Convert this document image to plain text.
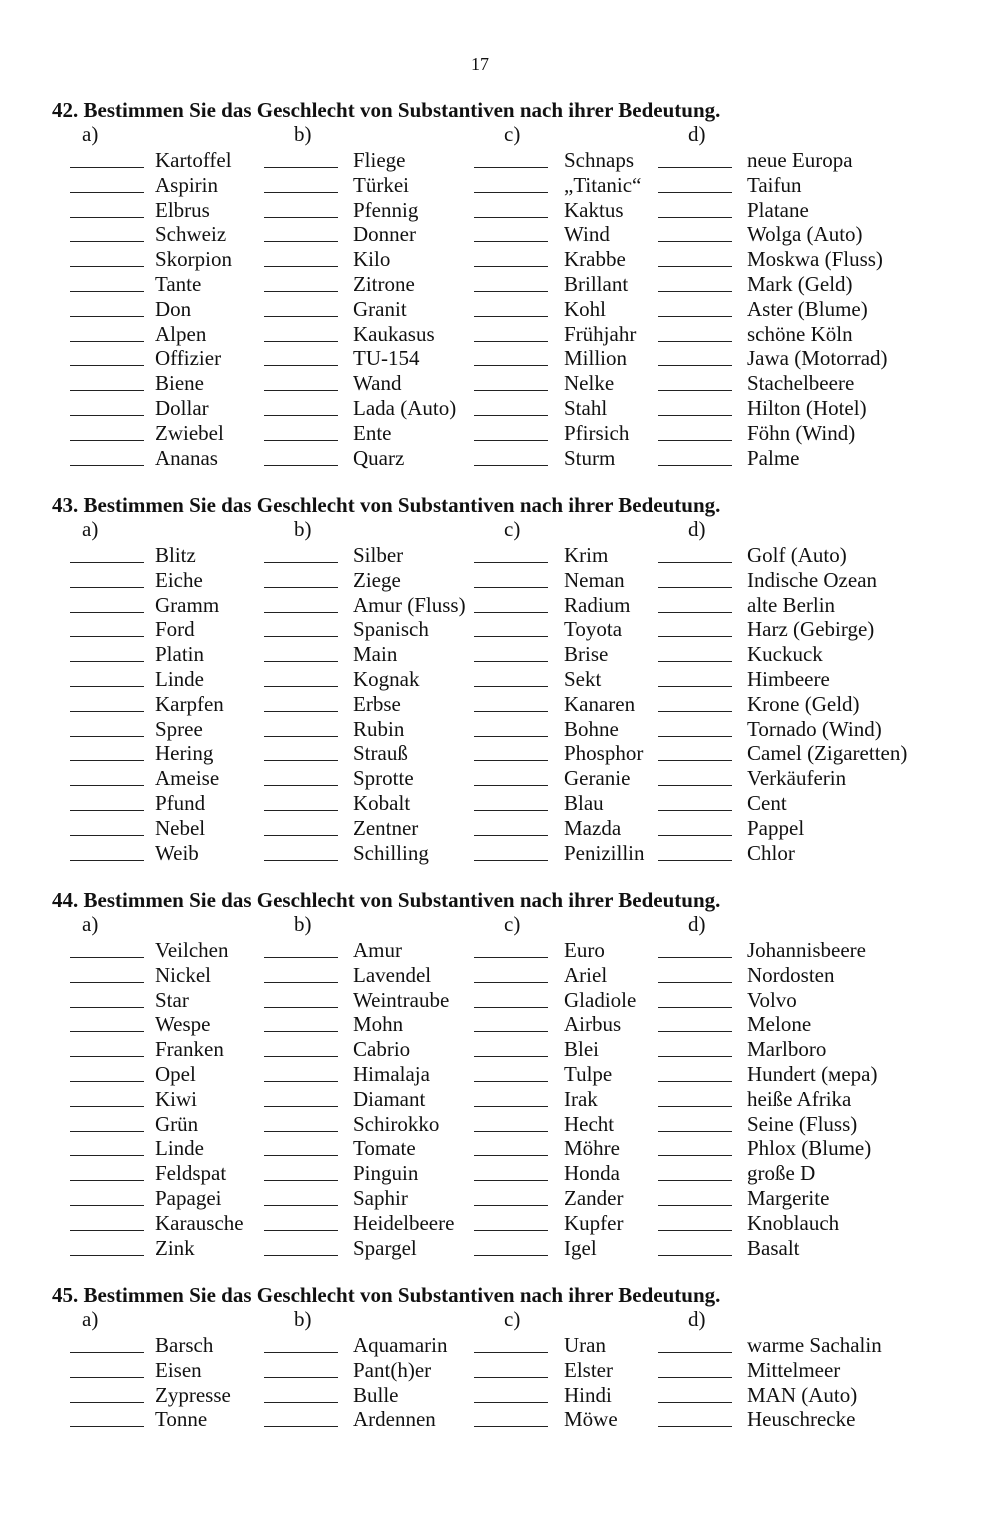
17
42. Bestimmen Sie das Geschlecht von Substantiven nach ihrer Bedeutung.
a)	b)	c)	d)
Kartoffel	Fliege	Schnaps	neue Europa
Aspirin	Türkei	„Titanic“	Taifun
Elbrus	Pfennig	Kaktus	Platane
Schweiz	Donner	Wind	Wolga (Auto)
Skorpion	Kilo	Krabbe	Moskwa (Fluss)
Tante	Zitrone	Brillant	Mark (Geld)
Don	Granit	Kohl	Aster (Blume)
Alpen	Kaukasus	Frühjahr	schöne Köln
Offizier	TU-154	Million	Jawa (Motorrad)
Biene	Wand	Nelke	Stachelbeere
Dollar	Lada (Auto)	Stahl	Hilton (Hotel)
Zwiebel	Ente	Pfirsich	Föhn (Wind)
Ananas	Quarz	Sturm	Palme
43. Bestimmen Sie das Geschlecht von Substantiven nach ihrer Bedeutung.
a)	b)	c)	d)
Blitz	Silber	Krim	Golf (Auto)
Eiche	Ziege	Neman	Indische Ozean
Gramm	Amur (Fluss)	Radium	alte Berlin
Ford	Spanisch	Toyota	Harz (Gebirge)
Platin	Main	Brise	Kuckuck
Linde	Kognak	Sekt	Himbeere
Karpfen	Erbse	Kanaren	Krone (Geld)
Spree	Rubin	Bohne	Tornado (Wind)
Hering	Strauß	Phosphor	Camel (Zigaretten)
Ameise	Sprotte	Geranie	Verkäuferin
Pfund	Kobalt	Blau	Cent
Nebel	Zentner	Mazda	Pappel
Weib	Schilling	Penizillin	Chlor
44. Bestimmen Sie das Geschlecht von Substantiven nach ihrer Bedeutung.
a)	b)	c)	d)
Veilchen	Amur	Euro	Johannisbeere
Nickel	Lavendel	Ariel	Nordosten
Star	Weintraube	Gladiole	Volvo
Wespe	Mohn	Airbus	Melone
Franken	Cabrio	Blei	Marlboro
Opel	Himalaja	Tulpe	Hundert (мера)
Kiwi	Diamant	Irak	heiße Afrika
Grün	Schirokko	Hecht	Seine (Fluss)
Linde	Tomate	Möhre	Phlox (Blume)
Feldspat	Pinguin	Honda	große D
Papagei	Saphir	Zander	Margerite
Karausche	Heidelbeere	Kupfer	Knoblauch
Zink	Spargel	Igel	Basalt
45. Bestimmen Sie das Geschlecht von Substantiven nach ihrer Bedeutung.
a)	b)	c)	d)
Barsch	Aquamarin	Uran	warme Sachalin
Eisen	Pant(h)er	Elster	Mittelmeer
Zypresse	Bulle	Hindi	MAN (Auto)
Tonne	Ardennen	Möwe	Heuschrecke
